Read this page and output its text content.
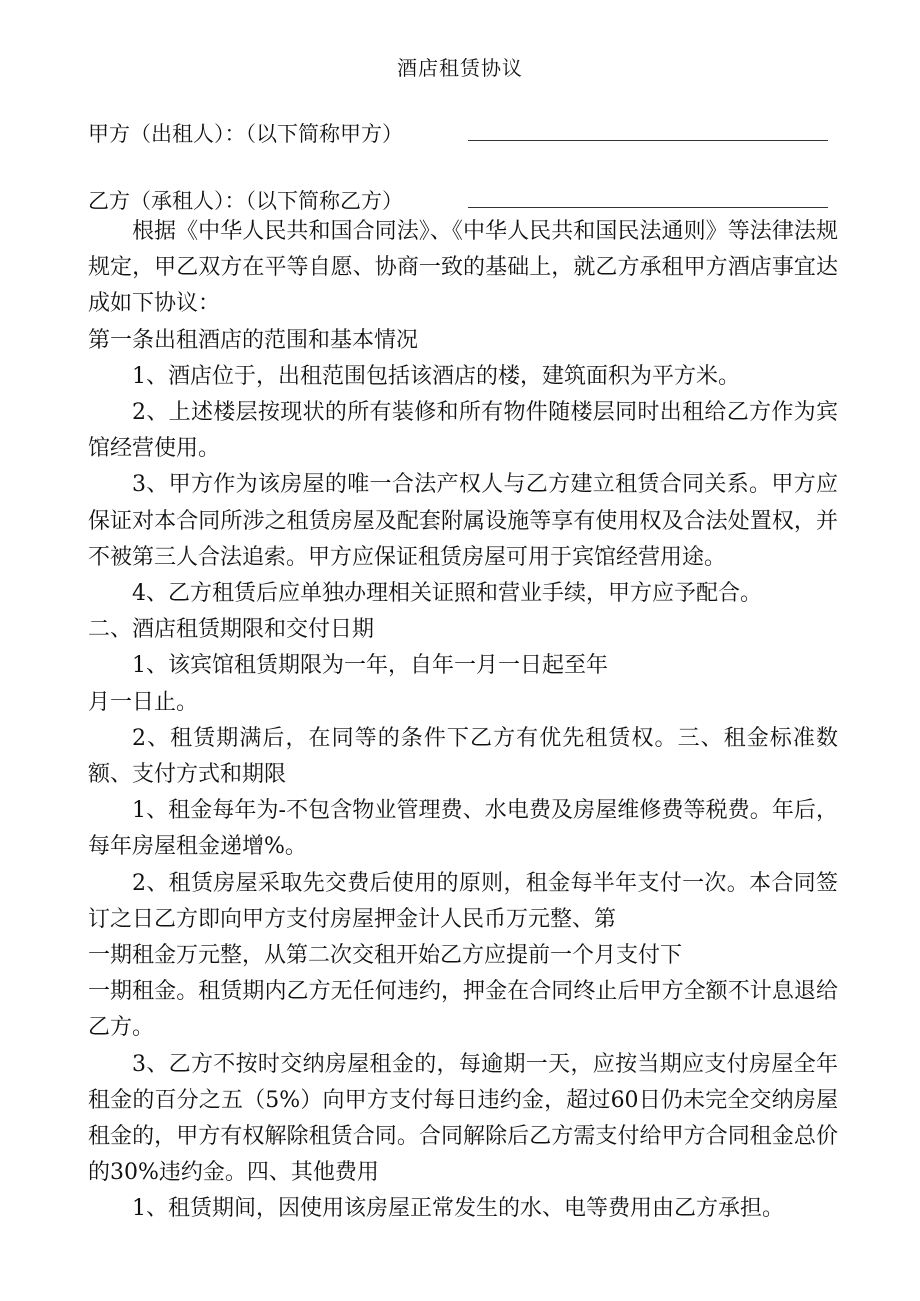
酒店租赁协议
甲方（出租人）：（以下简称甲方）
乙方（承租人）：（以下简称乙方）

根据《中华人民共和国合同法》、《中华人民共和国民法通则》等法律法规规定，甲乙双方在平等自愿、协商一致的基础上，就乙方承租甲方酒店事宜达成如下协议：

第一条出租酒店的范围和基本情况

1、酒店位于，出租范围包括该酒店的楼，建筑面积为平方米。

2、上述楼层按现状的所有装修和所有物件随楼层同时出租给乙方作为宾馆经营使用。

3、甲方作为该房屋的唯一合法产权人与乙方建立租赁合同关系。甲方应保证对本合同所涉之租赁房屋及配套附属设施等享有使用权及合法处置权，并不被第三人合法追索。甲方应保证租赁房屋可用于宾馆经营用途。

4、乙方租赁后应单独办理相关证照和营业手续，甲方应予配合。

二、酒店租赁期限和交付日期

1、该宾馆租赁期限为一年，自年一月一日起至年

月一日止。

2、租赁期满后，在同等的条件下乙方有优先租赁权。三、租金标准数额、支付方式和期限

1、租金每年为-不包含物业管理费、水电费及房屋维修费等税费。年后，每年房屋租金递增%。

2、租赁房屋采取先交费后使用的原则，租金每半年支付一次。本合同签订之日乙方即向甲方支付房屋押金计人民币万元整、第

一期租金万元整，从第二次交租开始乙方应提前一个月支付下

一期租金。租赁期内乙方无任何违约，押金在合同终止后甲方全额不计息退给乙方。

3、乙方不按时交纳房屋租金的，每逾期一天，应按当期应支付房屋全年租金的百分之五（5%）向甲方支付每日违约金，超过60日仍未完全交纳房屋租金的，甲方有权解除租赁合同。合同解除后乙方需支付给甲方合同租金总价的30%违约金。四、其他费用

1、租赁期间，因使用该房屋正常发生的水、电等费用由乙方承担。
